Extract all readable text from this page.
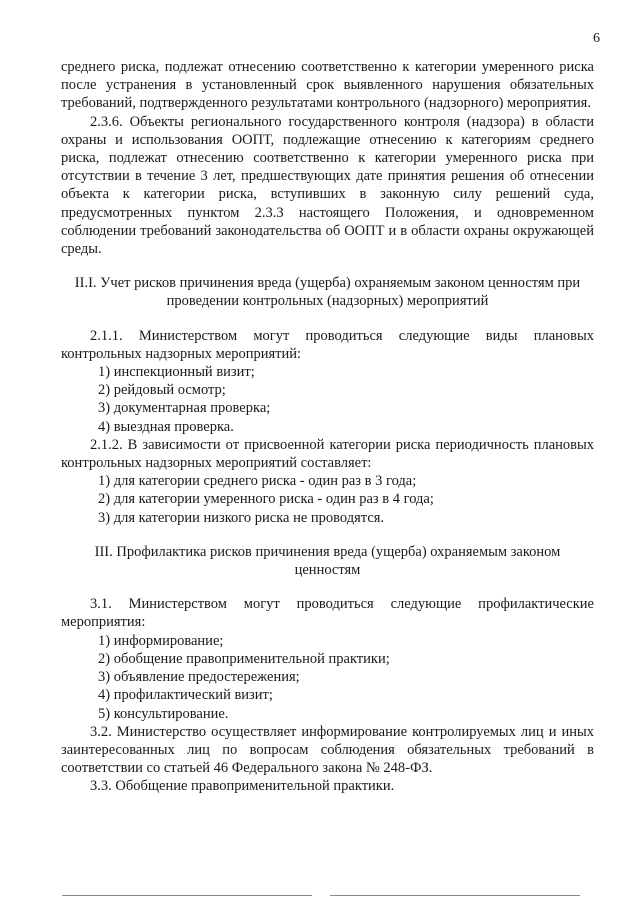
6

среднего риска, подлежат отнесению соответственно к категории умеренного риска после устранения в установленный срок выявленного нарушения обязательных требований, подтвержденного результатами контрольного (надзорного) мероприятия.

2.3.6. Объекты регионального государственного контроля (надзора) в области охраны и использования ООПТ, подлежащие отнесению к категориям среднего риска, подлежат отнесению соответственно к категории умеренного риска при отсутствии в течение 3 лет, предшествующих дате принятия решения об отнесении объекта к категории риска, вступивших в законную силу решений суда, предусмотренных пунктом 2.3.3 настоящего Положения, и одновременном соблюдении требований законодательства об ООПТ и в области охраны окружающей среды.

II.I. Учет рисков причинения вреда (ущерба) охраняемым законом ценностям при проведении контрольных (надзорных) мероприятий

2.1.1. Министерством могут проводиться следующие виды плановых контрольных надзорных мероприятий:

1) инспекционный визит;

2) рейдовый осмотр;

3) документарная проверка;

4) выездная проверка.

2.1.2. В зависимости от присвоенной категории риска периодичность плановых контрольных надзорных мероприятий составляет:

1) для категории среднего риска - один раз в 3 года;

2) для категории умеренного риска - один раз в 4 года;

3) для категории низкого риска не проводятся.

III. Профилактика рисков причинения вреда (ущерба) охраняемым законом ценностям

3.1. Министерством могут проводиться следующие профилактические мероприятия:

1) информирование;

2) обобщение правоприменительной практики;

3) объявление предостережения;

4) профилактический визит;

5) консультирование.

3.2. Министерство осуществляет информирование контролируемых лиц и иных заинтересованных лиц по вопросам соблюдения обязательных требований в соответствии со статьей 46 Федерального закона № 248-ФЗ.

3.3. Обобщение правоприменительной практики.
